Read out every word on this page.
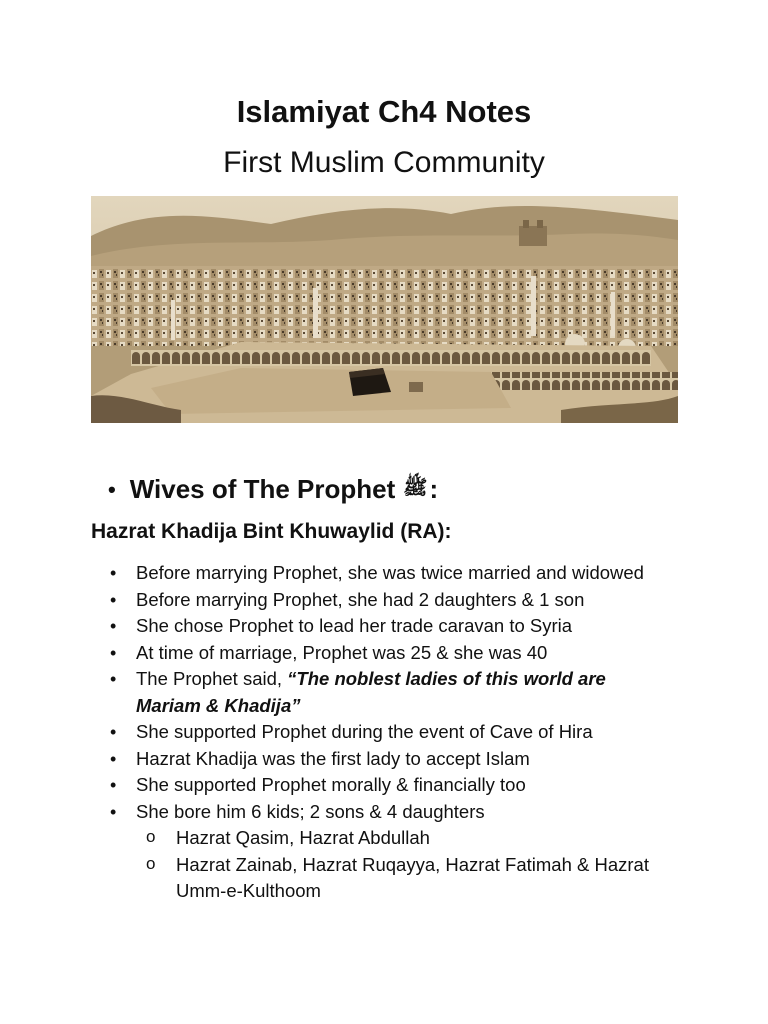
Islamiyat Ch4 Notes
First Muslim Community
• Wives of The Prophet ﷺ :
Hazrat Khadija Bint Khuwaylid (RA):
• Before marrying Prophet, she was twice married and widowed
• Before marrying Prophet, she had 2 daughters & 1 son
• She chose Prophet to lead her trade caravan to Syria
• At time of marriage, Prophet was 25 & she was 40
• The Prophet said, “The noblest ladies of this world are Mariam & Khadija”
• She supported Prophet during the event of Cave of Hira
• Hazrat Khadija was the first lady to accept Islam
• She supported Prophet morally & financially too
• She bore him 6 kids; 2 sons & 4 daughters
o Hazrat Qasim, Hazrat Abdullah
o Hazrat Zainab, Hazrat Ruqayya, Hazrat Fatimah & Hazrat Umm-e-Kulthoom
